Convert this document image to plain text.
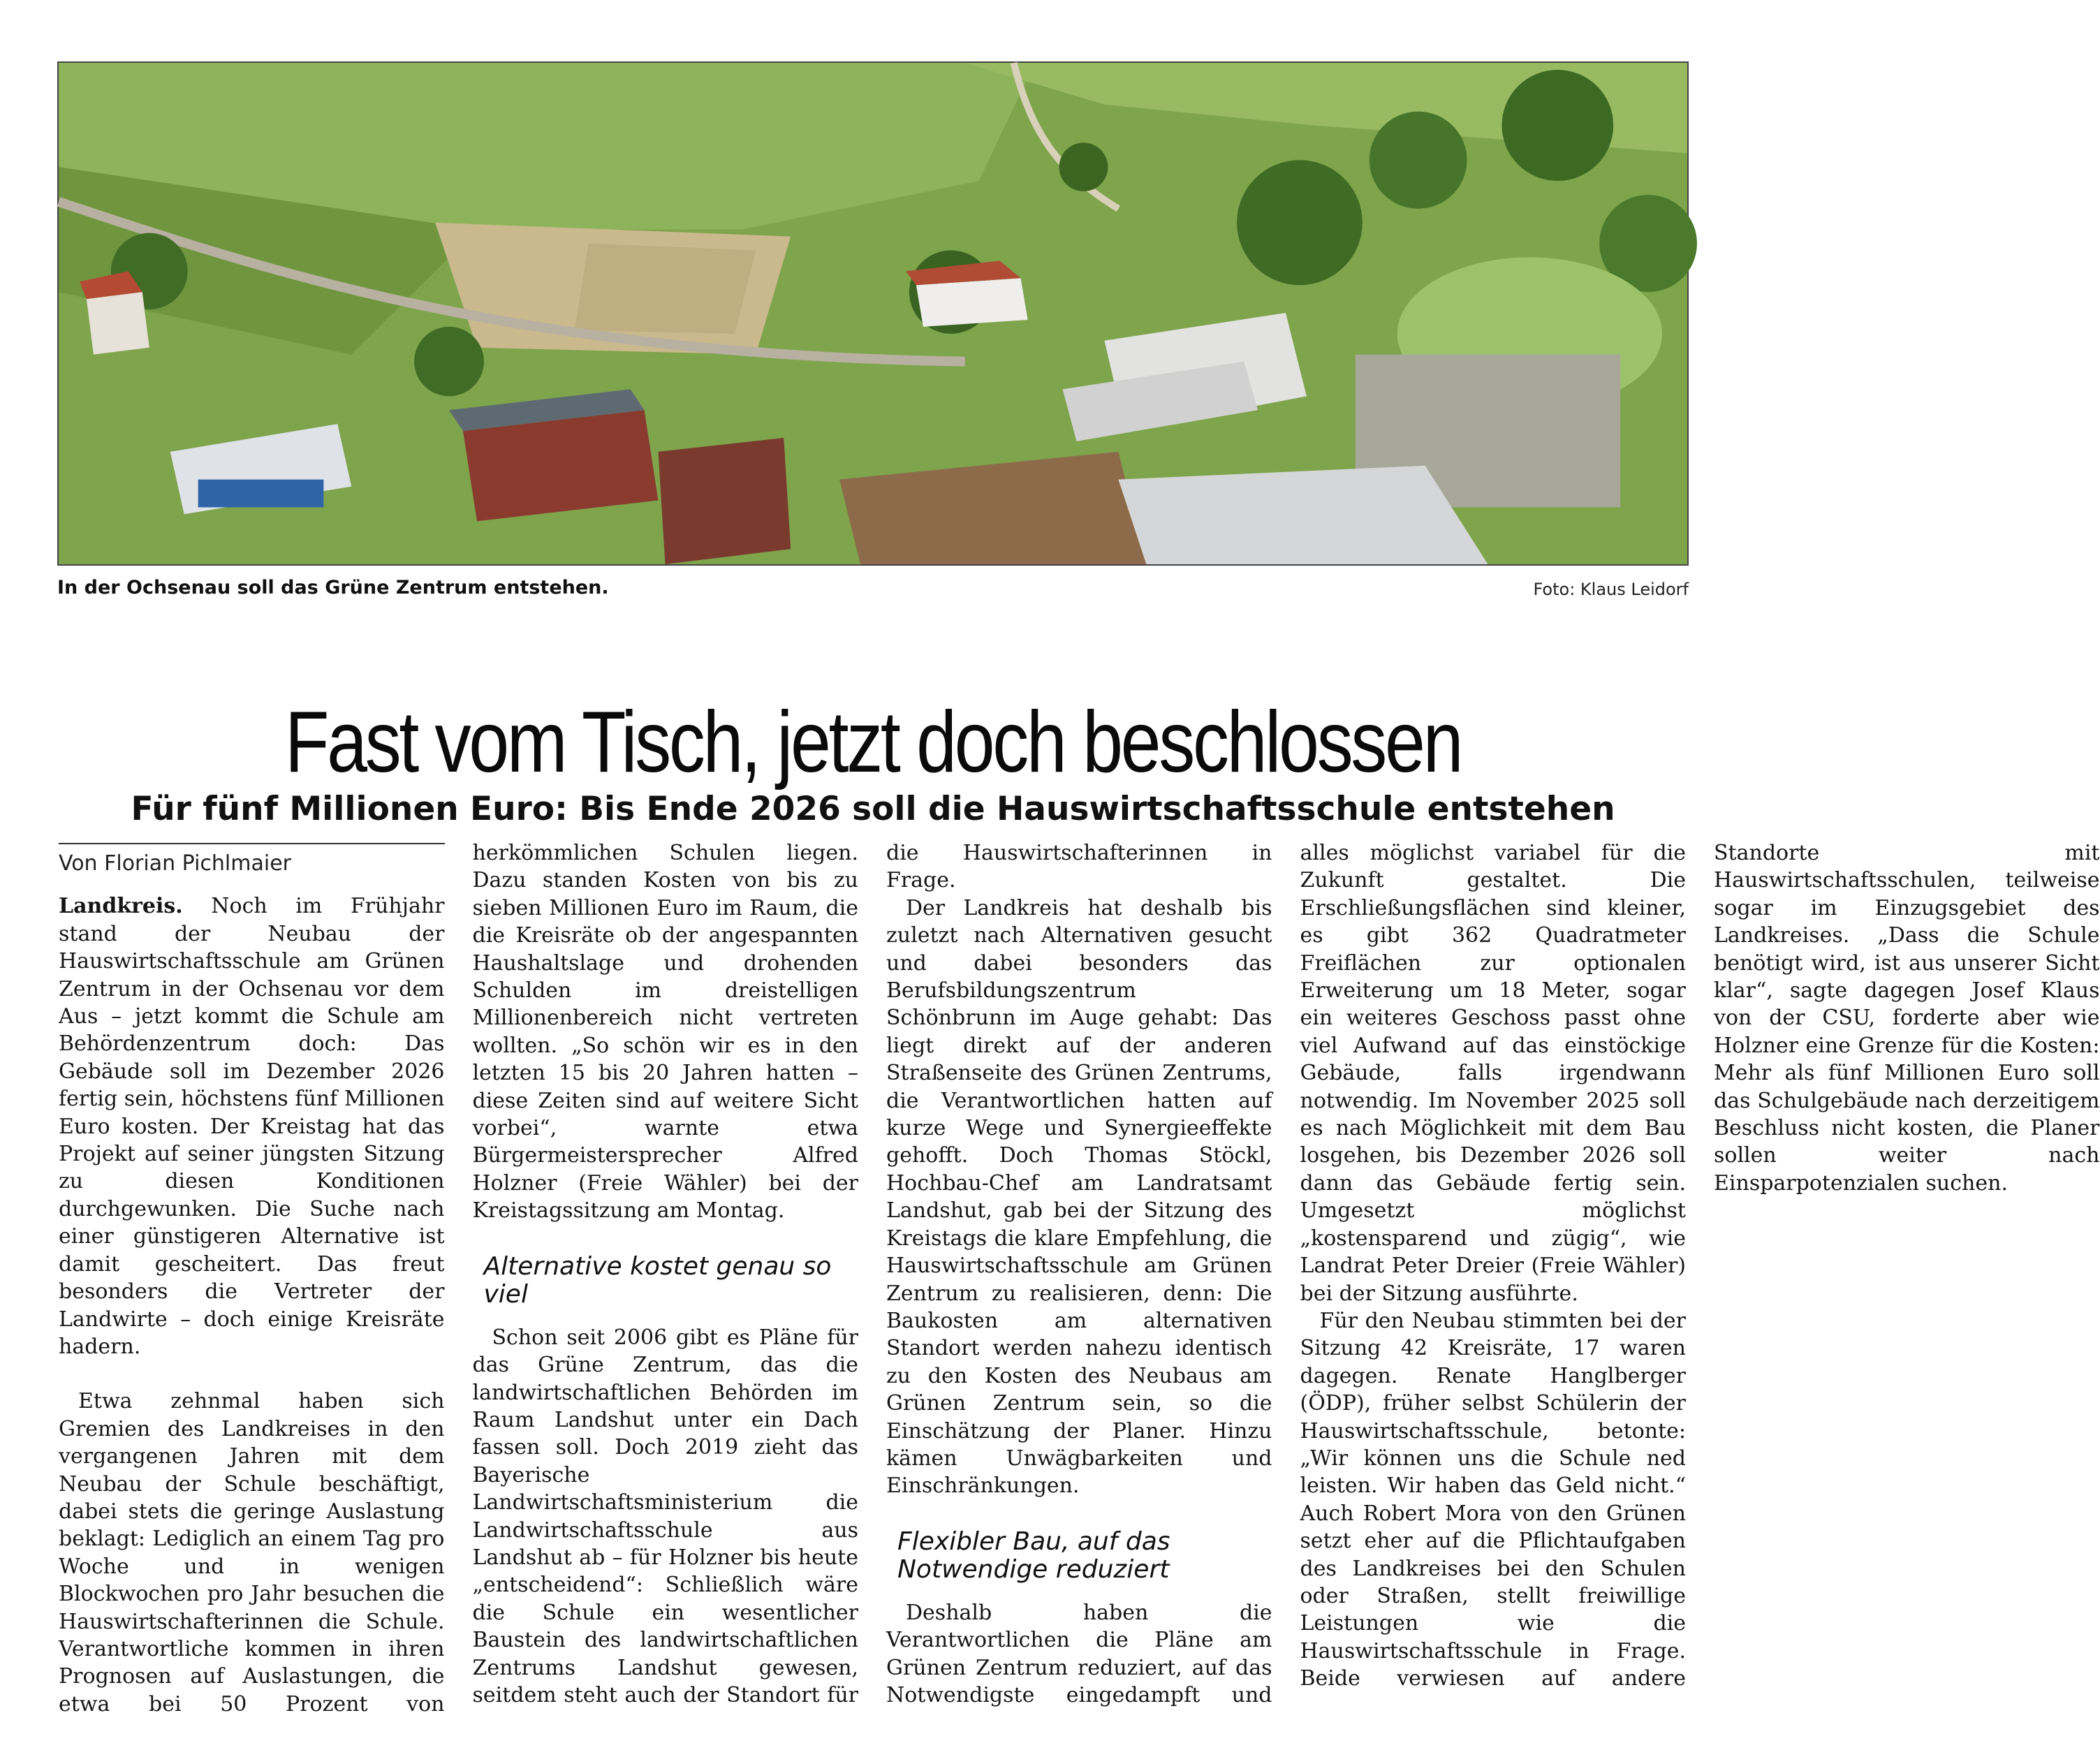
In der Ochsenau soll das Grüne Zentrum entstehen.	Foto: Klaus Leidorf
Fast vom Tisch, jetzt doch beschlossen
Für fünf Millionen Euro: Bis Ende 2026 soll die Hauswirtschaftsschule entstehen

Von Florian Pichlmaier

Landkreis. Noch im Frühjahr stand der Neubau der Hauswirtschaftsschule am Grünen Zentrum in der Ochsenau vor dem Aus – jetzt kommt die Schule am Behördenzentrum doch: Das Gebäude soll im Dezember 2026 fertig sein, höchstens fünf Millionen Euro kosten. Der Kreistag hat das Projekt auf seiner jüngsten Sitzung zu diesen Konditionen durchgewunken. Die Suche nach einer günstigeren Alternative ist damit gescheitert. Das freut besonders die Vertreter der Landwirte – doch einige Kreisräte hadern.

Etwa zehnmal haben sich Gremien des Landkreises in den vergangenen Jahren mit dem Neubau der Schule beschäftigt, dabei stets die geringe Auslastung beklagt: Lediglich an einem Tag pro Woche und in wenigen Blockwochen pro Jahr besuchen die Hauswirtschafterinnen die Schule. Verantwortliche kommen in ihren Prognosen auf Auslastungen, die etwa bei 50 Prozent von herkömmlichen Schulen liegen. Dazu standen Kosten von bis zu sieben Millionen Euro im Raum, die die Kreisräte ob der angespannten Haushaltslage und drohenden Schulden im dreistelligen Millionenbereich nicht vertreten wollten. „So schön wir es in den letzten 15 bis 20 Jahren hatten – diese Zeiten sind auf weitere Sicht vorbei“, warnte etwa Bürgermeistersprecher Alfred Holzner (Freie Wähler) bei der Kreistagssitzung am Montag.

Alternative kostet genau so viel

Schon seit 2006 gibt es Pläne für das Grüne Zentrum, das die landwirtschaftlichen Behörden im Raum Landshut unter ein Dach fassen soll. Doch 2019 zieht das Bayerische Landwirtschaftsministerium die Landwirtschaftsschule aus Landshut ab – für Holzner bis heute „entscheidend“: Schließlich wäre die Schule ein wesentlicher Baustein des landwirtschaftlichen Zentrums Landshut gewesen, seitdem steht auch der Standort für die Hauswirtschafterinnen in Frage.

Der Landkreis hat deshalb bis zuletzt nach Alternativen gesucht und dabei besonders das Berufsbildungszentrum Schönbrunn im Auge gehabt: Das liegt direkt auf der anderen Straßenseite des Grünen Zentrums, die Verantwortlichen hatten auf kurze Wege und Synergieeffekte gehofft. Doch Thomas Stöckl, Hochbau-Chef am Landratsamt Landshut, gab bei der Sitzung des Kreistags die klare Empfehlung, die Hauswirtschaftsschule am Grünen Zentrum zu realisieren, denn: Die Baukosten am alternativen Standort werden nahezu identisch zu den Kosten des Neubaus am Grünen Zentrum sein, so die Einschätzung der Planer. Hinzu kämen Unwägbarkeiten und Einschränkungen.

Flexibler Bau, auf das Notwendige reduziert

Deshalb haben die Verantwortlichen die Pläne am Grünen Zentrum reduziert, auf das Notwendigste eingedampft und alles möglichst variabel für die Zukunft gestaltet. Die Erschließungsflächen sind kleiner, es gibt 362 Quadratmeter Freiflächen zur optionalen Erweiterung um 18 Meter, sogar ein weiteres Geschoss passt ohne viel Aufwand auf das einstöckige Gebäude, falls irgendwann notwendig. Im November 2025 soll es nach Möglichkeit mit dem Bau losgehen, bis Dezember 2026 soll dann das Gebäude fertig sein. Umgesetzt möglichst „kostensparend und zügig“, wie Landrat Peter Dreier (Freie Wähler) bei der Sitzung ausführte.

Für den Neubau stimmten bei der Sitzung 42 Kreisräte, 17 waren dagegen. Renate Hanglberger (ÖDP), früher selbst Schülerin der Hauswirtschaftsschule, betonte: „Wir können uns die Schule ned leisten. Wir haben das Geld nicht.“ Auch Robert Mora von den Grünen setzt eher auf die Pflichtaufgaben des Landkreises bei den Schulen oder Straßen, stellt freiwillige Leistungen wie die Hauswirtschaftsschule in Frage. Beide verwiesen auf andere Standorte mit Hauswirtschaftsschulen, teilweise sogar im Einzugsgebiet des Landkreises. „Dass die Schule benötigt wird, ist aus unserer Sicht klar“, sagte dagegen Josef Klaus von der CSU, forderte aber wie Holzner eine Grenze für die Kosten: Mehr als fünf Millionen Euro soll das Schulgebäude nach derzeitigem Beschluss nicht kosten, die Planer sollen weiter nach Einsparpotenzialen suchen.
